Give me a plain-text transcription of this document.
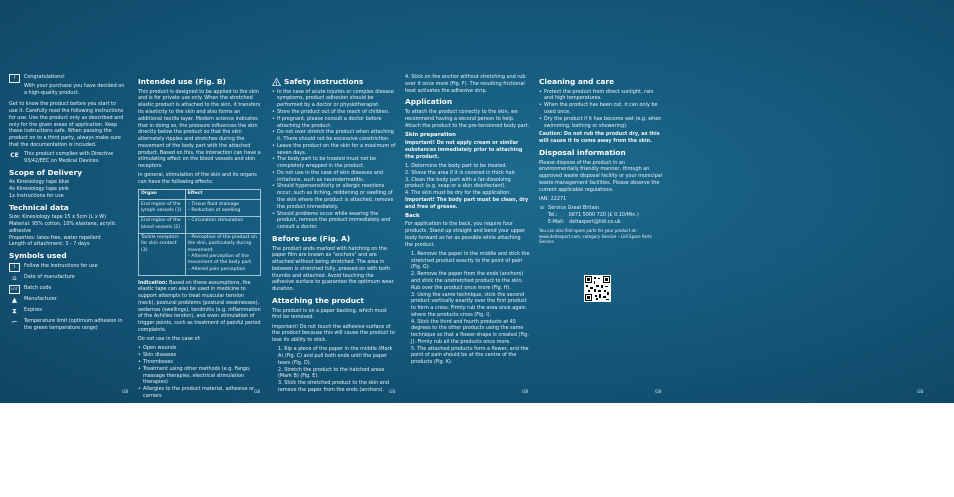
i	Congratulations!

With your purchase you have decided on a high-quality product.

Get to know the product before you start to use it. Carefully read the following instructions for use. Use the product only as described and only for the given areas of application. Keep these instructions safe. When passing the product on to a third party, always make sure that the documentation is included.

CE This product complies with Directive 93/42/EEC on Medical Devices.
Scope of Delivery
4x Kinesiology tape blue
4x Kinesiology tape pink
1x Instructions for use
Technical data
Size: Kinesiology tape 15 x 5cm (L x W)
Material: 95% cotton, 10% elastane, acrylic adhesive
Properties: latex-free, water repellent
Length of attachment: 3 - 7 days
Symbols used
i	Follow the instructions for use
⌂	Date of manufacture
LOT	Batch code
▲	Manufacturer
⧗	Expires
⌐	Temperature limit (optimum adhesion in the green temperature range)
GB
Intended use (Fig. B)

This product is designed to be applied to the skin and is for private use only. When the stretched elastic product is attached to the skin, it transfers its elasticity to the skin and also forms an additional textile layer. Modern science indicates that in doing so, the pressure influences the skin directly below the product so that the skin alternately ripples and stretches during the movement of the body part with the attached product. Based on this, the interaction can have a stimulating effect on the blood vessels and skin receptors.

In general, stimulation of the skin and its organs can have the following effects:

Organ	Effect
End region of the lymph vessels (1)	– Tissue fluid drainage
– Reduction of swelling
End region of the blood vessels (2)	– Circulation stimulation
Tactile receptors for skin contact (3)	– Perception of the product on the skin, particularly during movement.
– Altered perception of the movement of the body part.
– Altered pain perception

Indication: Based on these assumptions, the elastic tape can also be used in medicine to support attempts to treat muscular tension (neck), postural problems (postural weaknesses), oedemas (swellings), tendinitis (e.g. inflammation of the Achilles tendon), and even stimulation of trigger points, such as treatment of painful period complaints.

Do not use in the case of:

• Open wounds
• Skin diseases
• Thromboses
• Treatment using other methods (e.g. Fango, massage therapies, electrical stimulation therapies)
• Allergies to the product material, adhesive or carriers
GB
! Safety instructions
• In the case of acute injuries or complex disease symptoms, product adhesion should be performed by a doctor or physiotherapist.
• Store the product out of the reach of children.
• If pregnant, please consult a doctor before attaching the product.
• Do not over stretch the product when attaching it. There should not be excessive constriction.
• Leave the product on the skin for a maximum of seven days.
• The body part to be treated must not be completely wrapped in the product.
• Do not use in the case of skin diseases and irritations, such as neurodermatitis.
• Should hypersensitivity or allergic reactions occur, such as itching, reddening or swelling of the skin where the product is attached, remove the product immediately.
• Should problems occur while wearing the product, remove the product immediately and consult a doctor.
Before use (Fig. A)

The product ends marked with hatching on the paper film are known as "anchors" and are attached without being stretched. The area in between is stretched fully, pressed on with both thumbs and attached. Avoid touching the adhesive surface to guarantee the optimum wear duration.

Attaching the product

The product is on a paper backing, which must first be removed.

Important! Do not touch the adhesive surface of the product because this will cause the product to lose its ability to stick.

1. Rip a piece of the paper in the middle (Mark A) (Fig. C) and pull both ends until the paper tears (Fig. D).
2. Stretch the product to the hatched areas (Mark B) (Fig. E).
3. Stick the stretched product to the skin and remove the paper from the ends (anchors).	GB

4. Stick on the anchor without stretching and rub over it once more (Fig. F). The resulting frictional heat activates the adhesive strip.

Application

To attach the product correctly to the skin, we recommend having a second person to help. Attach the product to the pre-tensioned body part.

Skin preparation

Important! Do not apply cream or similar substances immediately prior to attaching the product.

1. Determine the body part to be treated.
2. Shave the area if it is covered in thick hair.
3. Clean the body part with a fat-dissolving product (e.g. soap or a skin disinfectant).
4. The skin must be dry for the application.

Important! The body part must be clean, dry and free of grease.

Back

For application to the back, you require four products. Stand up straight and bend your upper body forward as far as possible while attaching the product.

1. Remove the paper in the middle and stick the stretched product exactly to the point of pain (Fig. G).
2. Remove the paper from the ends (anchors) and stick the unstretched product to the skin. Rub over the product once more (Fig. H).
3. Using the same technique, stick the second product vertically exactly over the first product to form a cross. Firmly rub the area once again where the products cross (Fig. I).
4. Stick the third and fourth products at 45 degrees to the other products using the same technique so that a flower-shape is created (Fig. J). Firmly rub all the products once more.
5. The attached products form a flower, and the point of pain should be at the centre of the products (Fig. K).
GB
Cleaning and care
• Protect the product from direct sunlight, rain and high temperatures.
• When the product has been cut, it can only be used once.
• Dry the product if it has become wet (e.g. when swimming, bathing or showering).

Caution: Do not rub the product dry, as this will cause it to come away from the skin.

Disposal information

Please dispose of the product in an environmentally friendly manner, through an approved waste disposal facility or your municipal waste management facilities. Please observe the current applicable regulations.

IAN: 22271

☏ Service Great Britain
Tel.:       0871 5000 720 (£ 0.10/Min.)
E-Mail:   deltasport@lidl.co.uk

You can also find spare parts for your product at: www.deltasport.com, category Service – Lidl Spare Parts Service

GB	GB
